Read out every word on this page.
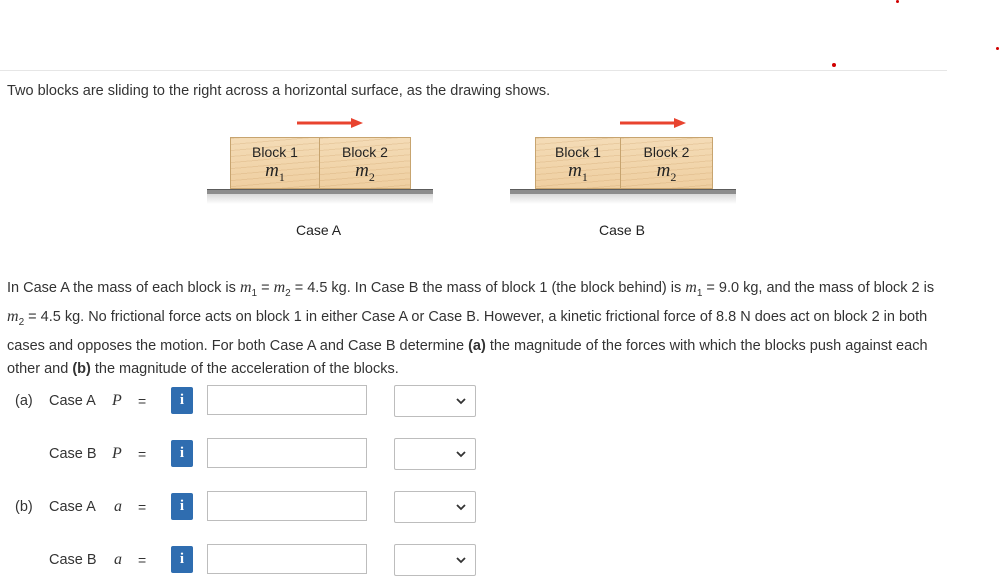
Two blocks are sliding to the right across a horizontal surface, as the drawing shows.
Block 1
$m_1$
Block 2
$m_2$
Case A
Block 1
$m_1$
Block 2
$m_2$
Case B
In Case A the mass of each block is $m_1 = m_2 = 4.5$ kg. In Case B the mass of block 1 (the block behind) is $m_1 = 9.0$ kg, and the mass of block 2 is $m_2 = 4.5$ kg. No frictional force acts on block 1 in either Case A or Case B. However, a kinetic frictional force of 8.8 N does act on block 2 in both cases and opposes the motion. For both Case A and Case B determine (a) the magnitude of the forces with which the blocks push against each other and (b) the magnitude of the acceleration of the blocks.
(a) Case A P =	i
Case B P =	i
(b) Case A a =	i
Case B a =	i
